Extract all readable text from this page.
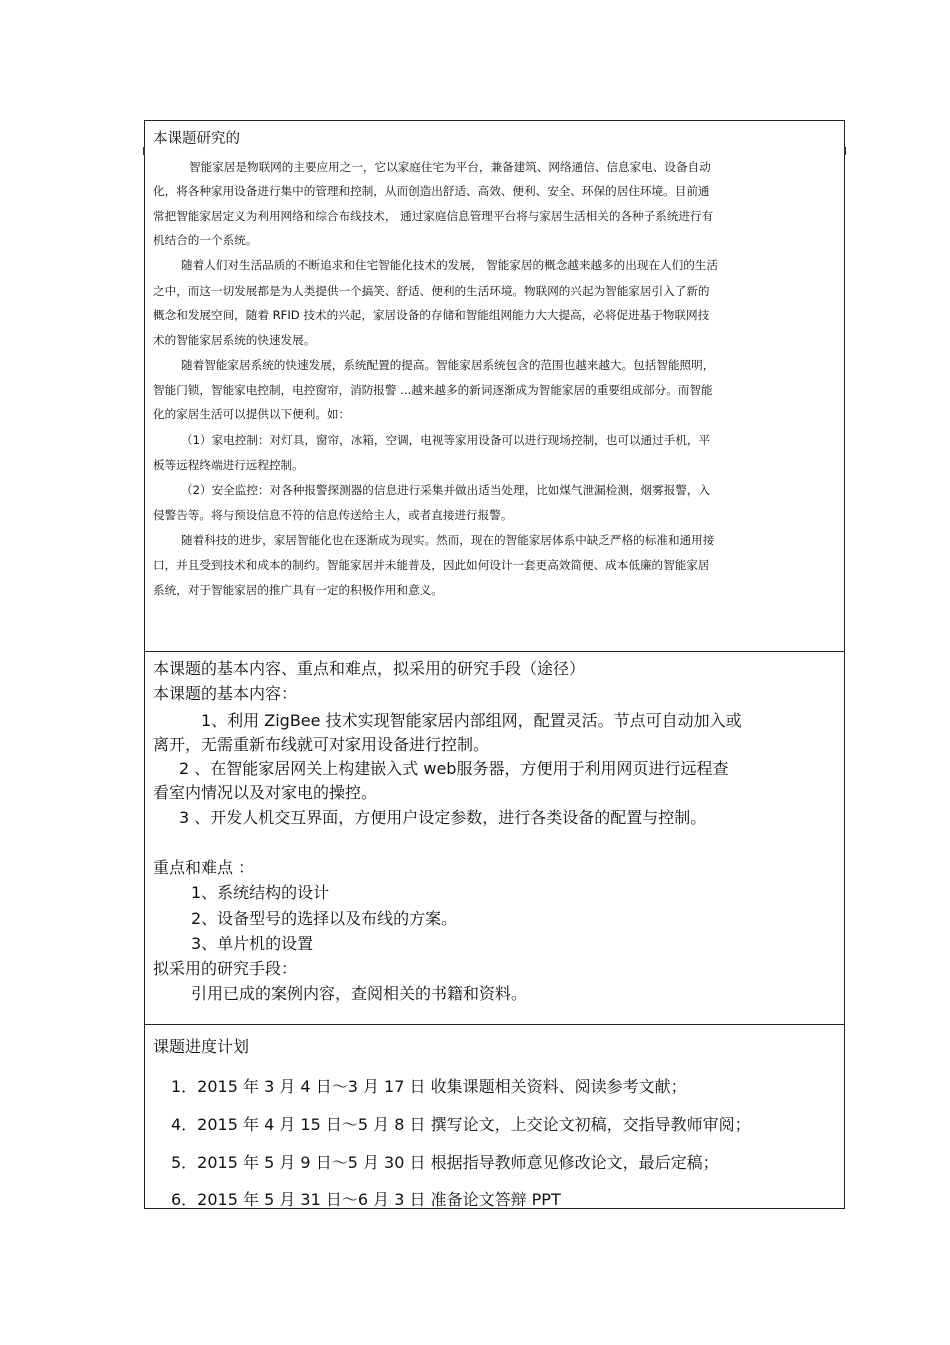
本课题研究的
智能家居是物联网的主要应用之一，它以家庭住宅为平台，兼备建筑、网络通信、信息家电、设备自动
化，将各种家用设备进行集中的管理和控制，从而创造出舒适、高效、便利、安全、环保的居住环境。目前通
常把智能家居定义为利用网络和综合布线技术， 通过家庭信息管理平台将与家居生活相关的各种子系统进行有
机结合的一个系统。
随着人们对生活品质的不断追求和住宅智能化技术的发展， 智能家居的概念越来越多的出现在人们的生活
之中，而这一切发展都是为人类提供一个搞笑、舒适、便利的生活环境。物联网的兴起为智能家居引入了新的
概念和发展空间，随着 RFID 技术的兴起，家居设备的存储和智能组网能力大大提高，必将促进基于物联网技
术的智能家居系统的快速发展。
随着智能家居系统的快速发展，系统配置的提高。智能家居系统包含的范围也越来越大。包括智能照明，
智能门锁，智能家电控制，电控窗帘，消防报警 ...越来越多的新词逐渐成为智能家居的重要组成部分。而智能
化的家居生活可以提供以下便利。如：
（1）家电控制：对灯具，窗帘，冰箱，空调，电视等家用设备可以进行现场控制，也可以通过手机，平
板等远程终端进行远程控制。
（2）安全监控：对各种报警探测器的信息进行采集并做出适当处理，比如煤气泄漏检测，烟雾报警，入
侵警告等。将与预设信息不符的信息传送给主人，或者直接进行报警。
随着科技的进步，家居智能化也在逐渐成为现实。然而，现在的智能家居体系中缺乏严格的标准和通用接
口，并且受到技术和成本的制约。智能家居并未能普及，因此如何设计一套更高效简便、成本低廉的智能家居
系统，对于智能家居的推广具有一定的积极作用和意义。
本课题的基本内容、重点和难点，拟采用的研究手段（途径）
本课题的基本内容：
1、利用 ZigBee 技术实现智能家居内部组网，配置灵活。节点可自动加入或
离开，无需重新布线就可对家用设备进行控制。
2 、在智能家居网关上构建嵌入式 web服务器，方便用于利用网页进行远程查
看室内情况以及对家电的操控。
3 、开发人机交互界面，方便用户设定参数，进行各类设备的配置与控制。
重点和难点 ：
1、系统结构的设计
2、设备型号的选择以及布线的方案。
3、单片机的设置
拟采用的研究手段：
引用已成的案例内容，查阅相关的书籍和资料。
课题进度计划
1．2015 年 3 月 4 日～3 月 17 日 收集课题相关资料、阅读参考文献；
4．2015 年 4 月 15 日～5 月 8 日 撰写论文，上交论文初稿，交指导教师审阅；
5．2015 年 5 月 9 日～5 月 30 日 根据指导教师意见修改论文，最后定稿；
6．2015 年 5 月 31 日～6 月 3 日 准备论文答辩 PPT
